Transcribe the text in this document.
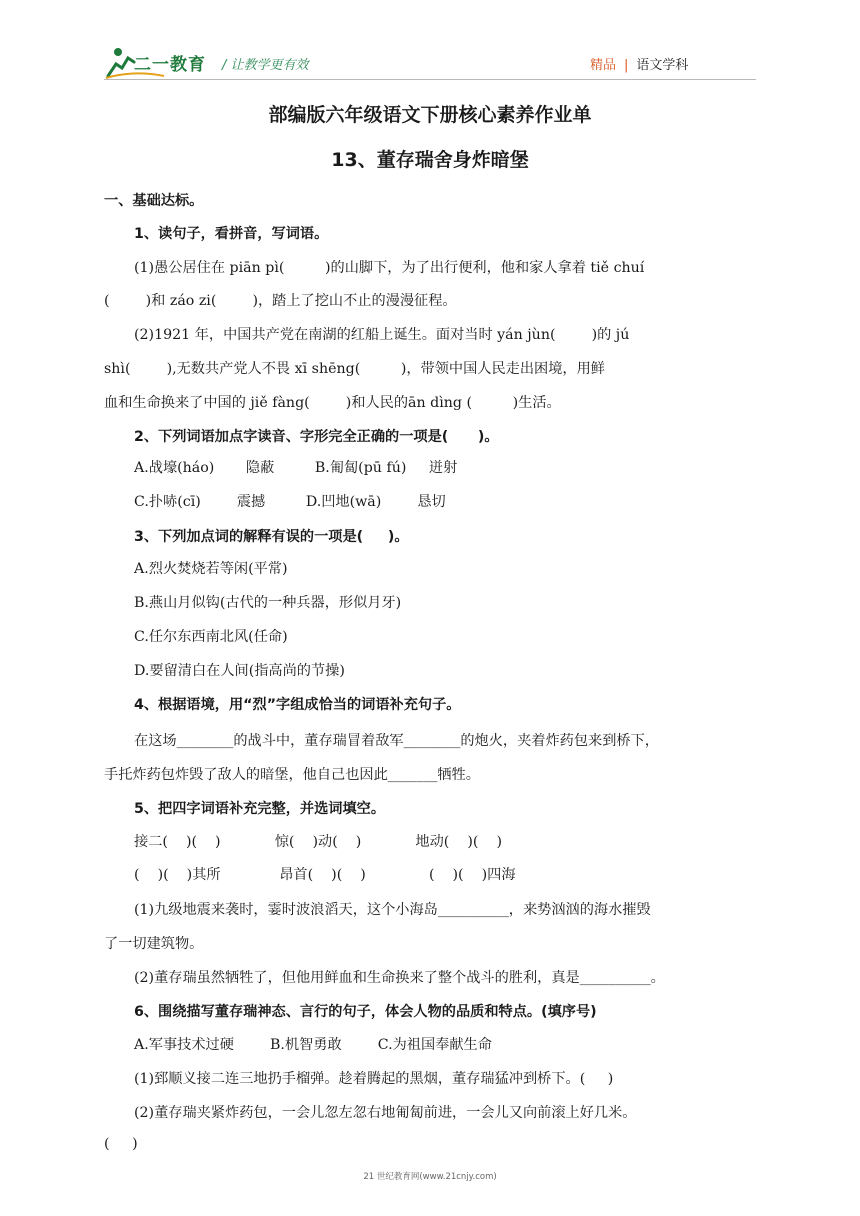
二一教育 / 让教学更有效	精品 | 语文学科
部编版六年级语文下册核心素养作业单
13、董存瑞舍身炸暗堡
一、基础达标。
1、读句子，看拼音，写词语。
(1)愚公居住在 piān pì(         )的山脚下，为了出行便利，他和家人拿着 tiě chuí
(        )和 záo zi(        )，踏上了挖山不止的漫漫征程。
(2)1921 年，中国共产党在南湖的红船上诞生。面对当时 yán jùn(        )的 jú
shì(        ),无数共产党人不畏 xī shēng(         )，带领中国人民走出困境，用鲜
血和生命换来了中国的 jiě fàng(        )和人民的ān dìng (         )生活。
2、下列词语加点字读音、字形完全正确的一项是(      )。
A.战壕(háo)       隐蔽         B.匍匐(pū fú)     迸射
C.扑哧(cī)        震撼         D.凹地(wā)        恳切
3、下列加点词的解释有误的一项是(     )。
A.烈火焚烧若等闲(平常)
B.燕山月似钩(古代的一种兵器，形似月牙)
C.任尔东西南北风(任命)
D.要留清白在人间(指高尚的节操)
4、根据语境，用“烈”字组成恰当的词语补充句子。
在这场________的战斗中，董存瑞冒着敌军________的炮火，夹着炸药包来到桥下，
手托炸药包炸毁了敌人的暗堡，他自己也因此_______牺牲。
5、把四字词语补充完整，并选词填空。
接二(    )(    )            惊(    )动(    )            地动(    )(    )
(    )(    )其所             昂首(    )(    )              (    )(    )四海
(1)九级地震来袭时，霎时波浪滔天，这个小海岛__________，来势汹汹的海水摧毁
了一切建筑物。
(2)董存瑞虽然牺牲了，但他用鲜血和生命换来了整个战斗的胜利，真是__________。
6、围绕描写董存瑞神态、言行的句子，体会人物的品质和特点。(填序号)
A.军事技术过硬        B.机智勇敢        C.为祖国奉献生命
(1)郅顺义接二连三地扔手榴弹。趁着腾起的黑烟，董存瑞猛冲到桥下。(     )
(2)董存瑞夹紧炸药包，一会儿忽左忽右地匍匐前进，一会儿又向前滚上好几米。
(     )
21 世纪教育网(www.21cnjy.com)
